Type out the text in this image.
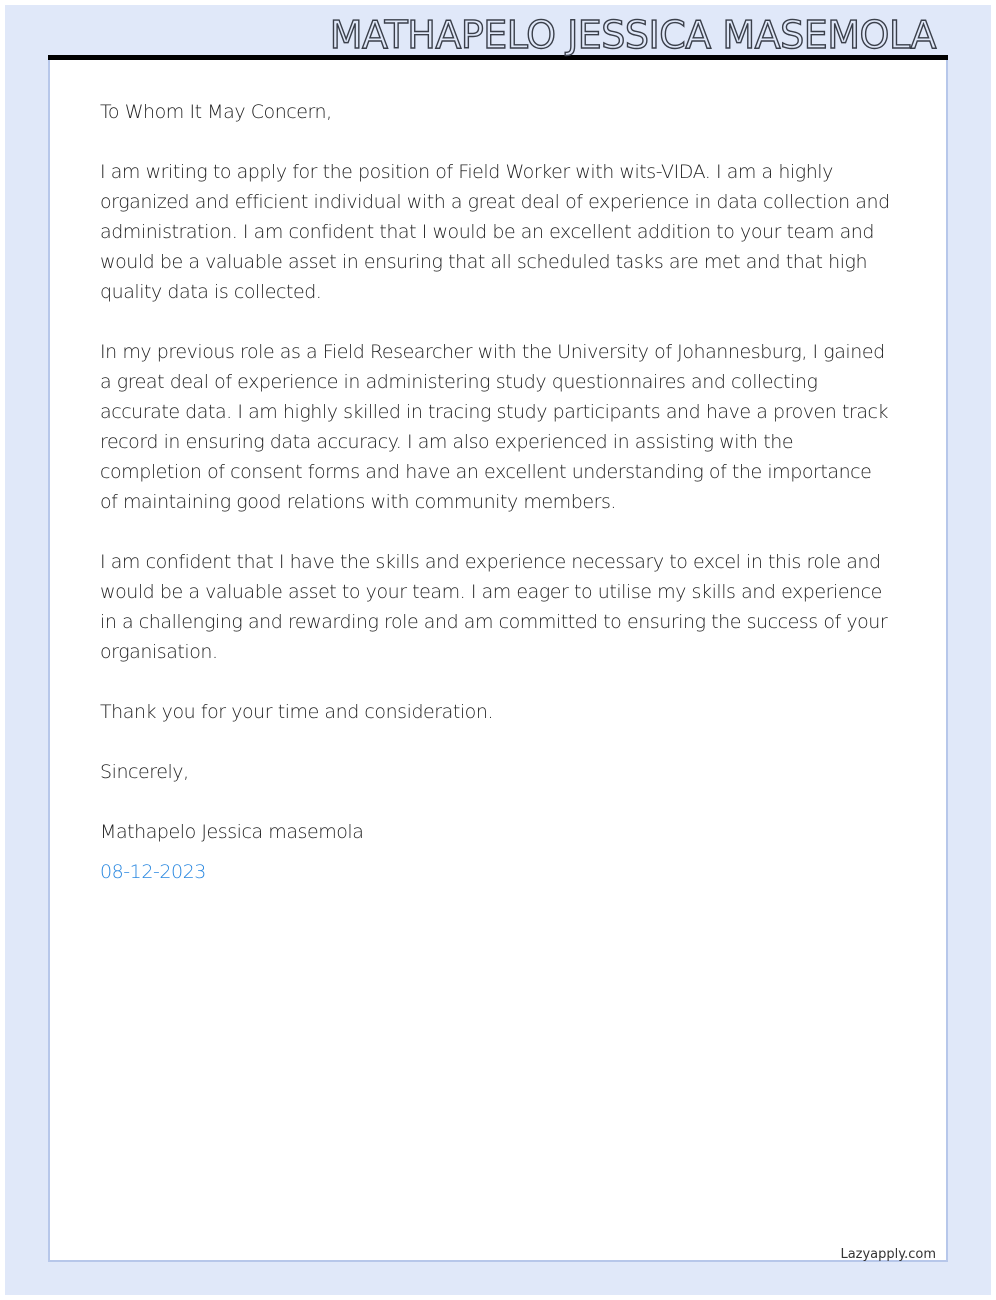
MATHAPELO JESSICA MASEMOLA

To Whom It May Concern,

I am writing to apply for the position of Field Worker with wits-VIDA. I am a highly organized and efficient individual with a great deal of experience in data collection and administration. I am confident that I would be an excellent addition to your team and would be a valuable asset in ensuring that all scheduled tasks are met and that high quality data is collected.

In my previous role as a Field Researcher with the University of Johannesburg, I gained a great deal of experience in administering study questionnaires and collecting accurate data. I am highly skilled in tracing study participants and have a proven track record in ensuring data accuracy. I am also experienced in assisting with the completion of consent forms and have an excellent understanding of the importance of maintaining good relations with community members.

I am confident that I have the skills and experience necessary to excel in this role and would be a valuable asset to your team. I am eager to utilise my skills and experience in a challenging and rewarding role and am committed to ensuring the success of your organisation.

Thank you for your time and consideration.

Sincerely,

Mathapelo Jessica masemola

08-12-2023

Lazyapply.com
